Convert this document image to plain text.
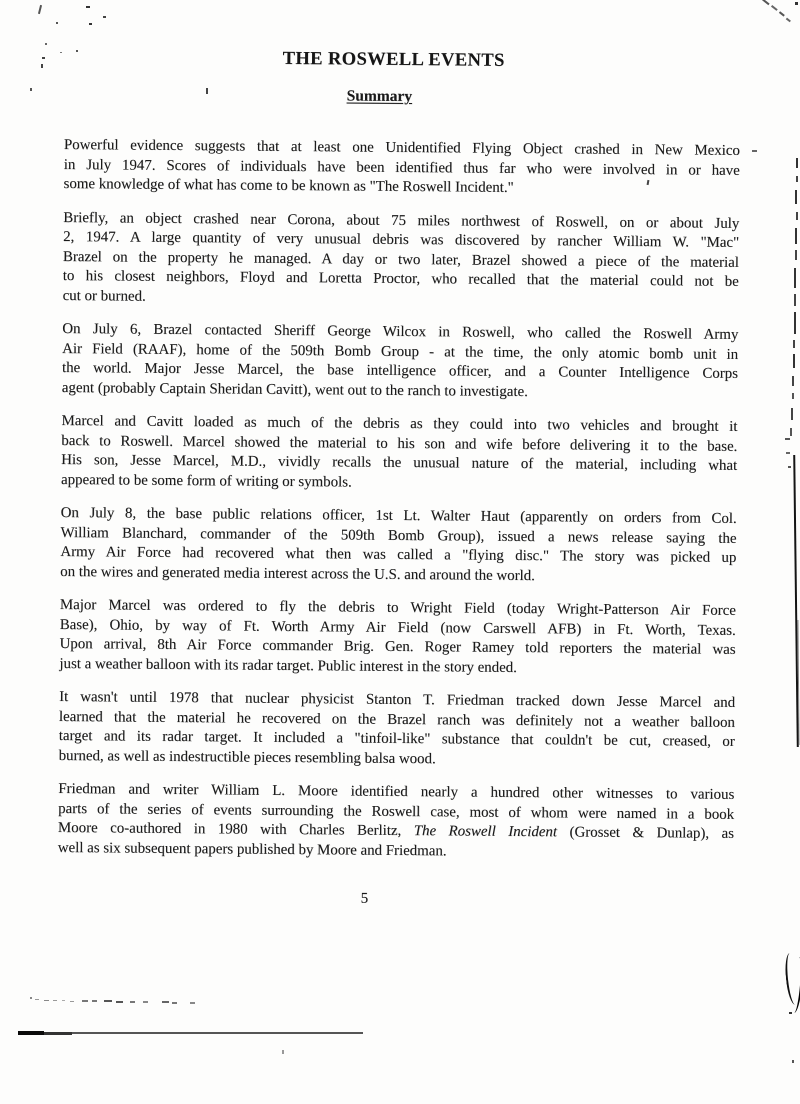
THE ROSWELL EVENTS
Summary
Powerful evidence suggests that at least one Unidentified Flying Object crashed in New Mexico
in July 1947. Scores of individuals have been identified thus far who were involved in or have
some knowledge of what has come to be known as "The Roswell Incident."
Briefly, an object crashed near Corona, about 75 miles northwest of Roswell, on or about July
2, 1947. A large quantity of very unusual debris was discovered by rancher William W. "Mac"
Brazel on the property he managed. A day or two later, Brazel showed a piece of the material
to his closest neighbors, Floyd and Loretta Proctor, who recalled that the material could not be
cut or burned.
On July 6, Brazel contacted Sheriff George Wilcox in Roswell, who called the Roswell Army
Air Field (RAAF), home of the 509th Bomb Group - at the time, the only atomic bomb unit in
the world. Major Jesse Marcel, the base intelligence officer, and a Counter Intelligence Corps
agent (probably Captain Sheridan Cavitt), went out to the ranch to investigate.
Marcel and Cavitt loaded as much of the debris as they could into two vehicles and brought it
back to Roswell. Marcel showed the material to his son and wife before delivering it to the base.
His son, Jesse Marcel, M.D., vividly recalls the unusual nature of the material, including what
appeared to be some form of writing or symbols.
On July 8, the base public relations officer, 1st Lt. Walter Haut (apparently on orders from Col.
William Blanchard, commander of the 509th Bomb Group), issued a news release saying the
Army Air Force had recovered what then was called a "flying disc." The story was picked up
on the wires and generated media interest across the U.S. and around the world.
Major Marcel was ordered to fly the debris to Wright Field (today Wright-Patterson Air Force
Base), Ohio, by way of Ft. Worth Army Air Field (now Carswell AFB) in Ft. Worth, Texas.
Upon arrival, 8th Air Force commander Brig. Gen. Roger Ramey told reporters the material was
just a weather balloon with its radar target. Public interest in the story ended.
It wasn't until 1978 that nuclear physicist Stanton T. Friedman tracked down Jesse Marcel and
learned that the material he recovered on the Brazel ranch was definitely not a weather balloon
target and its radar target. It included a "tinfoil-like" substance that couldn't be cut, creased, or
burned, as well as indestructible pieces resembling balsa wood.
Friedman and writer William L. Moore identified nearly a hundred other witnesses to various
parts of the series of events surrounding the Roswell case, most of whom were named in a book
Moore co-authored in 1980 with Charles Berlitz, The Roswell Incident (Grosset & Dunlap), as
well as six subsequent papers published by Moore and Friedman.
5
